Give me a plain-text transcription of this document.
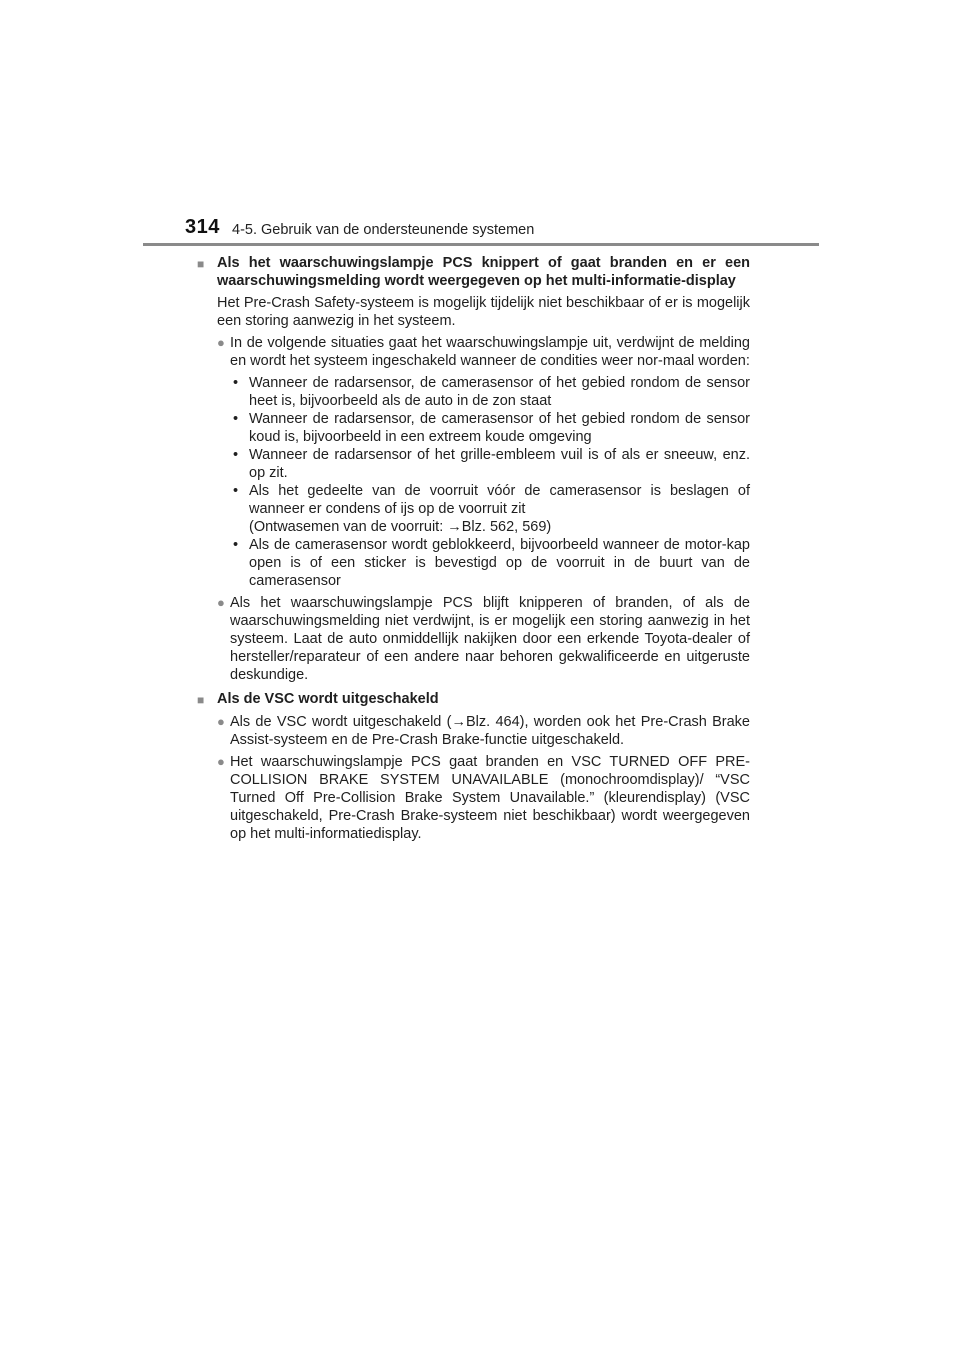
314 4-5. Gebruik van de ondersteunende systemen
■ Als het waarschuwingslampje PCS knippert of gaat branden en er een waarschuwingsmelding wordt weergegeven op het multi-informatie-display
Het Pre-Crash Safety-systeem is mogelijk tijdelijk niet beschikbaar of er is mogelijk een storing aanwezig in het systeem.
● In de volgende situaties gaat het waarschuwingslampje uit, verdwijnt de melding en wordt het systeem ingeschakeld wanneer de condities weer nor-maal worden:
• Wanneer de radarsensor, de camerasensor of het gebied rondom de sensor heet is, bijvoorbeeld als de auto in de zon staat
• Wanneer de radarsensor, de camerasensor of het gebied rondom de sensor koud is, bijvoorbeeld in een extreem koude omgeving
• Wanneer de radarsensor of het grille-embleem vuil is of als er sneeuw, enz. op zit.
• Als het gedeelte van de voorruit vóór de camerasensor is beslagen of wanneer er condens of ijs op de voorruit zit
(Ontwasemen van de voorruit: →Blz. 562, 569)
• Als de camerasensor wordt geblokkeerd, bijvoorbeeld wanneer de motor-kap open is of een sticker is bevestigd op de voorruit in de buurt van de camerasensor
● Als het waarschuwingslampje PCS blijft knipperen of branden, of als de waarschuwingsmelding niet verdwijnt, is er mogelijk een storing aanwezig in het systeem. Laat de auto onmiddellijk nakijken door een erkende Toyota-dealer of hersteller/reparateur of een andere naar behoren gekwalificeerde en uitgeruste deskundige.
■ Als de VSC wordt uitgeschakeld
● Als de VSC wordt uitgeschakeld (→Blz. 464), worden ook het Pre-Crash Brake Assist-systeem en de Pre-Crash Brake-functie uitgeschakeld.
● Het waarschuwingslampje PCS gaat branden en VSC TURNED OFF PRE-COLLISION BRAKE SYSTEM UNAVAILABLE (monochroomdisplay)/ “VSC Turned Off Pre-Collision Brake System Unavailable.” (kleurendisplay) (VSC uitgeschakeld, Pre-Crash Brake-systeem niet beschikbaar) wordt weergegeven op het multi-informatiedisplay.
